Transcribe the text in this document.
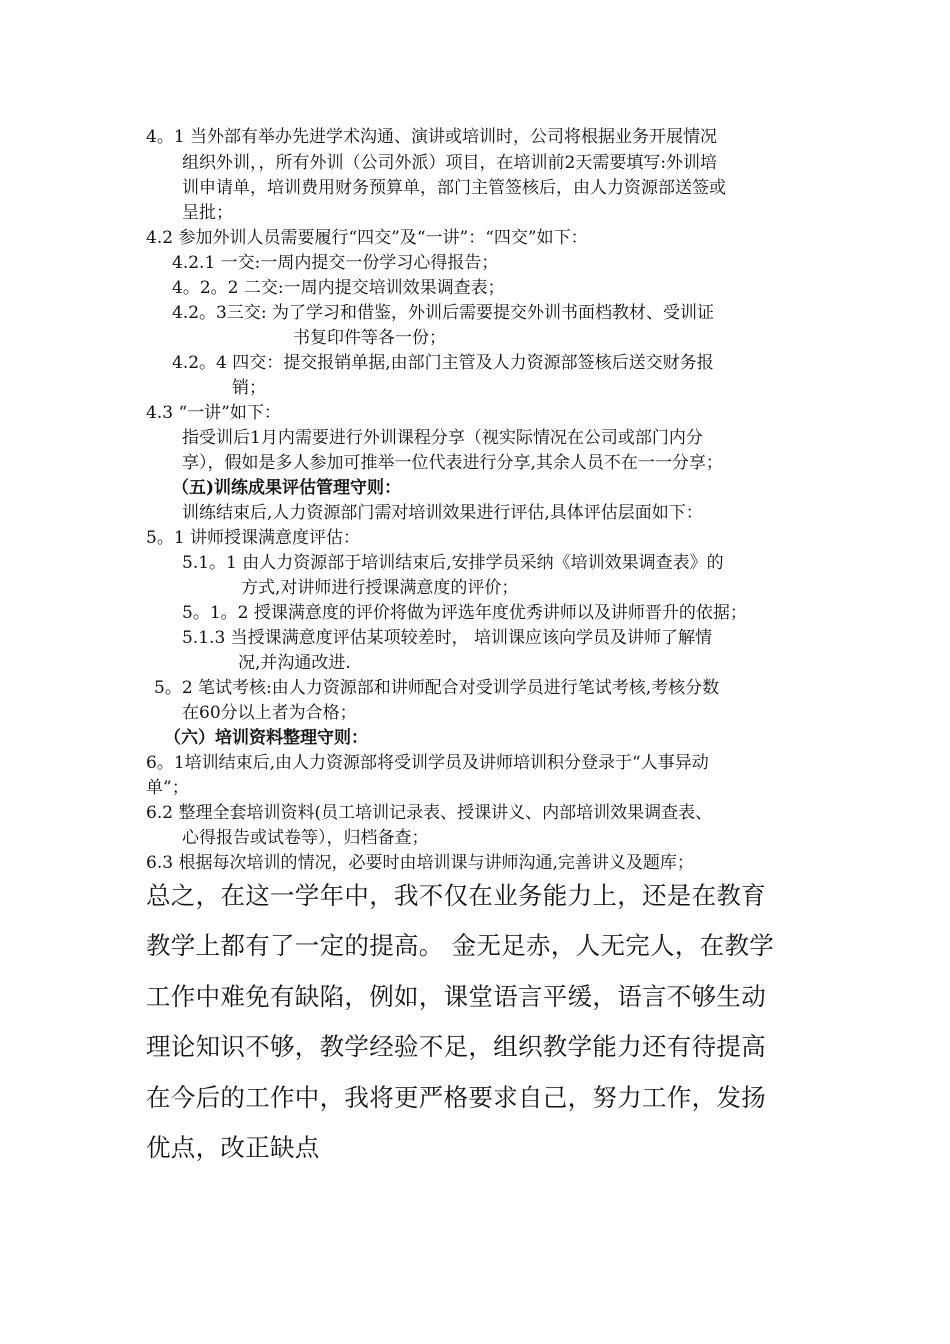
4。1 当外部有举办先进学术沟通、演讲或培训时，公司将根据业务开展情况
组织外训，，所有外训（公司外派）项目，在培训前2天需要填写:外训培
训申请单，培训费用财务预算单，部门主管签核后，由人力资源部送签或
呈批；
4.2 参加外训人员需要履行“四交”及“一讲”：“四交”如下：
4.2.1 一交:一周内提交一份学习心得报告；
4。2。2 二交:一周内提交培训效果调查表；
4.2。3三交: 为了学习和借鉴，外训后需要提交外训书面档教材、受训证
书复印件等各一份；
4.2。4 四交：提交报销单据,由部门主管及人力资源部签核后送交财务报
销；
4.3 “一讲”如下：
指受训后1月内需要进行外训课程分享（视实际情况在公司或部门内分
享），假如是多人参加可推举一位代表进行分享,其余人员不在一一分享；
（五)训练成果评估管理守则：
训练结束后,人力资源部门需对培训效果进行评估,具体评估层面如下：
5。1 讲师授课满意度评估：
5.1。1 由人力资源部于培训结束后,安排学员采纳《培训效果调查表》的
方式,对讲师进行授课满意度的评价；
5。1。2 授课满意度的评价将做为评选年度优秀讲师以及讲师晋升的依据；
5.1.3 当授课满意度评估某项较差时， 培训课应该向学员及讲师了解情
况,并沟通改进.
5。2 笔试考核:由人力资源部和讲师配合对受训学员进行笔试考核,考核分数
在60分以上者为合格；
（六）培训资料整理守则：
6。1培训结束后,由人力资源部将受训学员及讲师培训积分登录于“人事异动
单”；
6.2 整理全套培训资料(员工培训记录表、授课讲义、内部培训效果调查表、
心得报告或试卷等），归档备查；
6.3 根据每次培训的情况，必要时由培训课与讲师沟通,完善讲义及题库；
总之，在这一学年中，我不仅在业务能力上，还是在教育
教学上都有了一定的提高。 金无足赤，人无完人，在教学
工作中难免有缺陷，例如，课堂语言平缓，语言不够生动
理论知识不够，教学经验不足，组织教学能力还有待提高
在今后的工作中，我将更严格要求自己，努力工作，发扬
优点，改正缺点
